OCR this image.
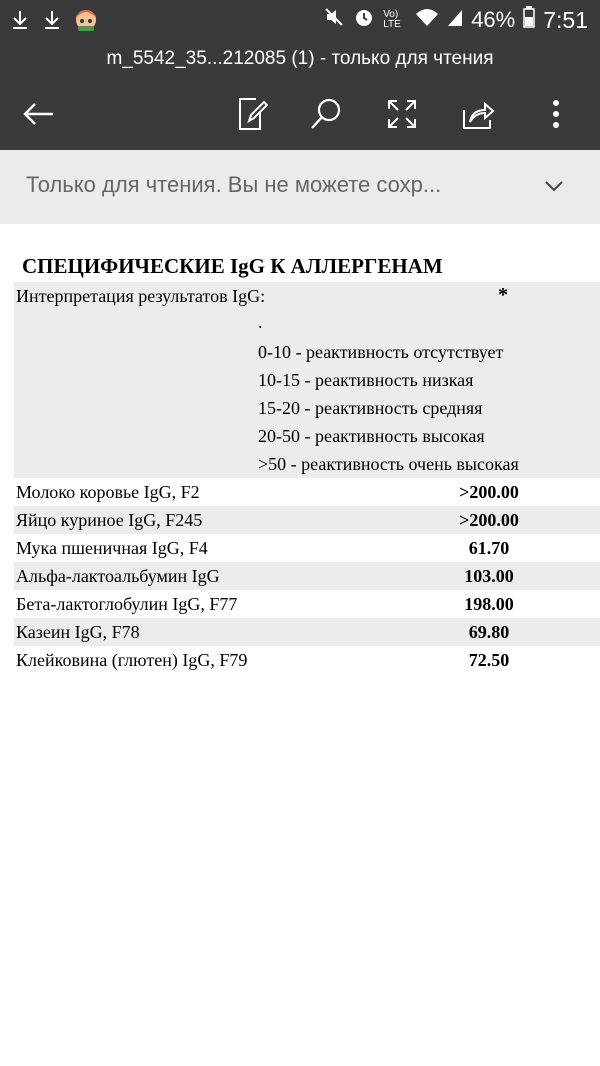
Vo) LTE	46% 7:51
m_5542_35...212085 (1) - только для чтения
Только для чтения. Вы не можете сохр...
СПЕЦИФИЧЕСКИЕ IgG К АЛЛЕРГЕНАМ
Интерпретация результатов IgG:	*
.
0-10 - реактивность отсутствует
10-15 - реактивность низкая
15-20 - реактивность средняя
20-50 - реактивность высокая
>50 - реактивность очень высокая
Молоко коровье IgG, F2	>200.00
Яйцо куриное IgG, F245	>200.00
Мука пшеничная IgG, F4	61.70
Альфа-лактоальбумин IgG	103.00
Бета-лактоглобулин IgG, F77	198.00
Казеин IgG, F78	69.80
Клейковина (глютен) IgG, F79	72.50
